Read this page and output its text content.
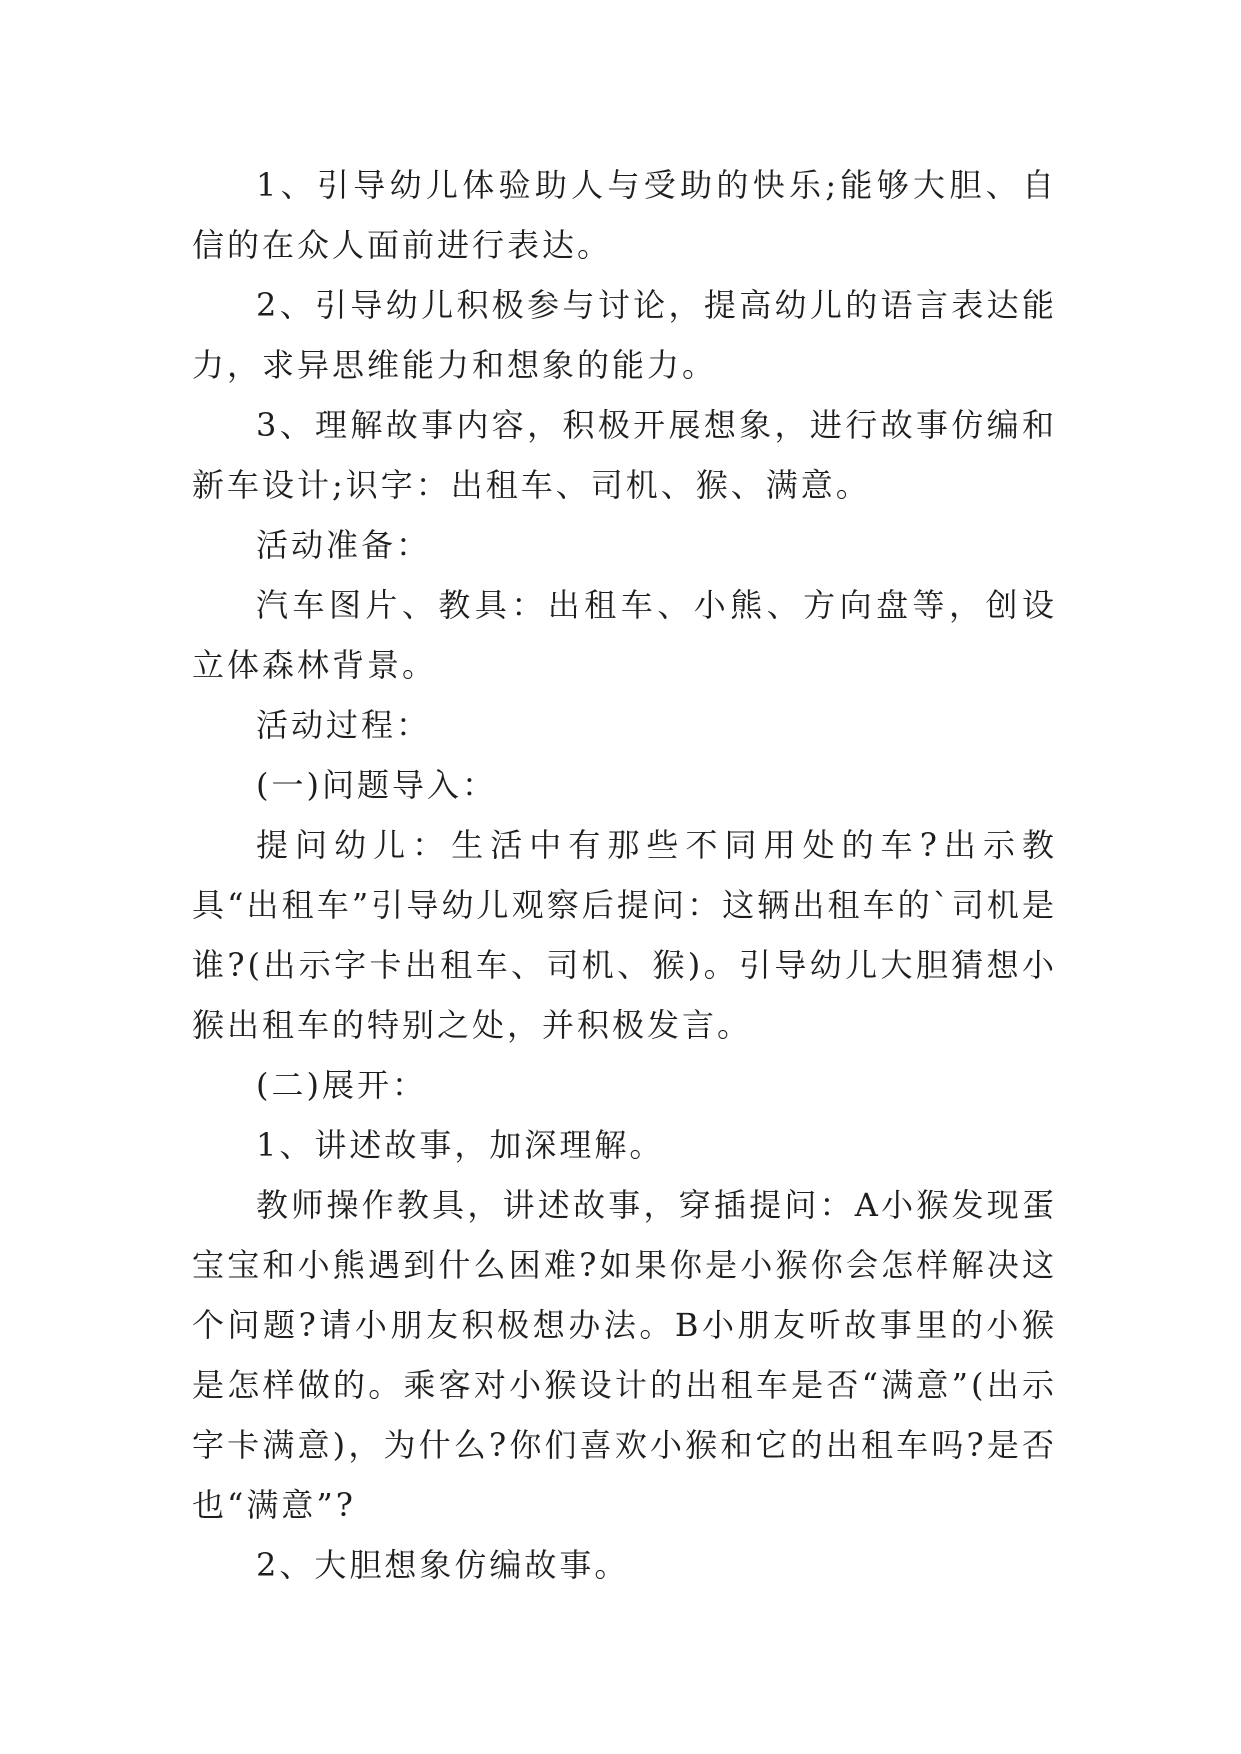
1、引导幼儿体验助人与受助的快乐;能够大胆、自信的在众人面前进行表达。

2、引导幼儿积极参与讨论，提高幼儿的语言表达能力，求异思维能力和想象的能力。

3、理解故事内容，积极开展想象，进行故事仿编和新车设计;识字：出租车、司机、猴、满意。

活动准备：

汽车图片、教具：出租车、小熊、方向盘等，创设立体森林背景。

活动过程：

(一)问题导入：

提问幼儿：生活中有那些不同用处的车?出示教具“出租车”引导幼儿观察后提问：这辆出租车的`司机是谁?(出示字卡出租车、司机、猴)。引导幼儿大胆猜想小猴出租车的特别之处，并积极发言。

(二)展开：

1、讲述故事，加深理解。

教师操作教具，讲述故事，穿插提问：A小猴发现蛋宝宝和小熊遇到什么困难?如果你是小猴你会怎样解决这个问题?请小朋友积极想办法。B小朋友听故事里的小猴是怎样做的。乘客对小猴设计的出租车是否“满意”(出示字卡满意)，为什么?你们喜欢小猴和它的出租车吗?是否也“满意”?

2、大胆想象仿编故事。
